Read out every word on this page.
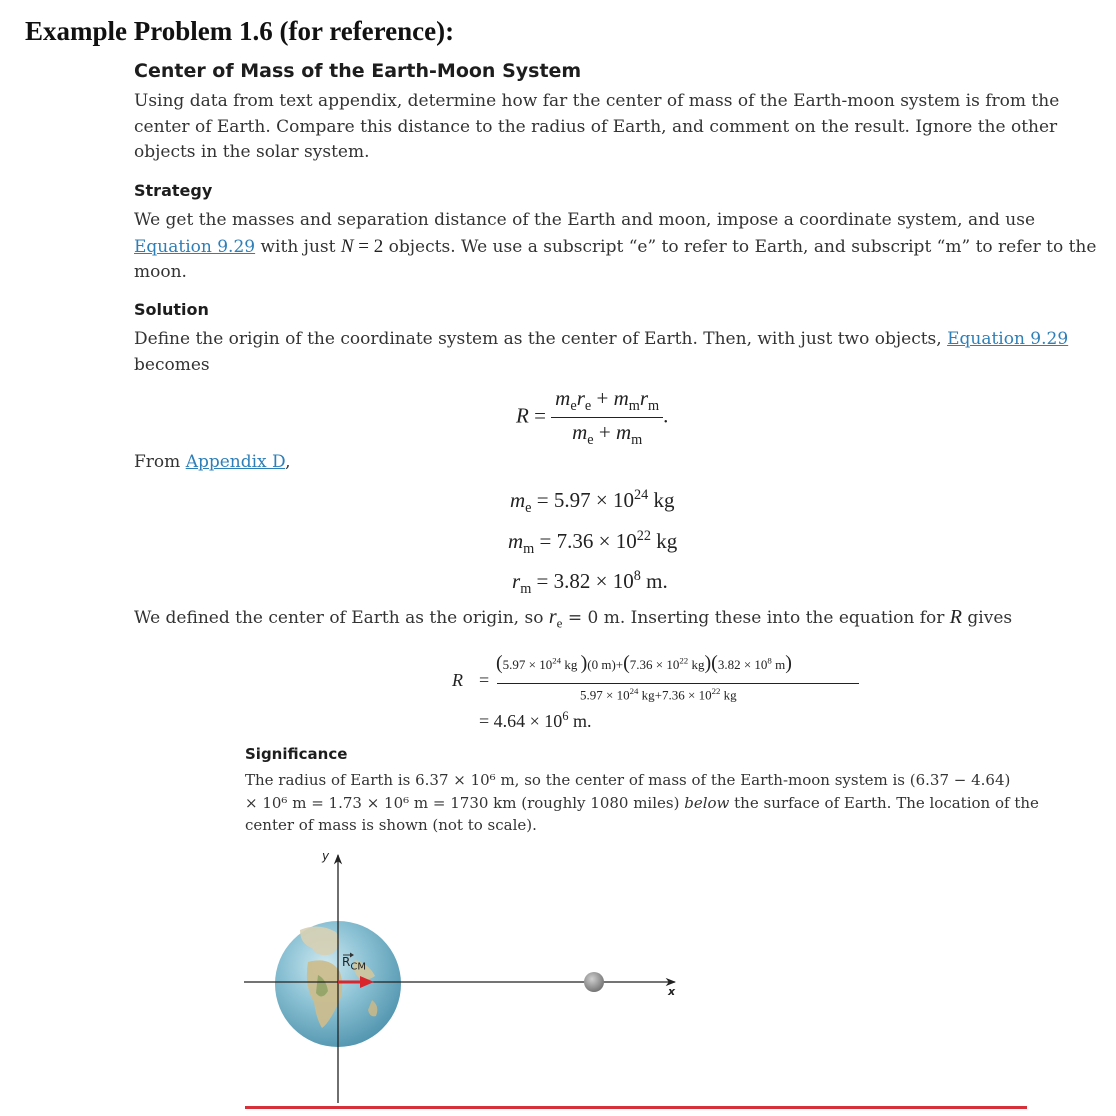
Example Problem 1.6 (for reference):
Center of Mass of the Earth-Moon System
Using data from text appendix, determine how far the center of mass of the Earth-moon system is from the
center of Earth. Compare this distance to the radius of Earth, and comment on the result. Ignore the other
objects in the solar system.
Strategy
We get the masses and separation distance of the Earth and moon, impose a coordinate system, and use
Equation 9.29 with just N = 2 objects. We use a subscript “e” to refer to Earth, and subscript “m” to refer to the
moon.
Solution
Define the origin of the coordinate system as the center of Earth. Then, with just two objects, Equation 9.29
becomes
$R = \frac{m_er_e + m_mr_m}{m_e + m_m}$ .
From Appendix D,
$m_e = 5.97 \times 10^{24}$ kg
$m_m = 7.36 \times 10^{22}$ kg
$r_m = 3.82 \times 10^8$ m.
We defined the center of Earth as the origin, so $r_e = 0$ m. Inserting these into the equation for R gives
R =
($5.97 \times 10^{24}$ kg )(0 $m)+(7.36 \times 10^{22}$ $kg)(3.82 \times 10^8$ m)
$5.97 \times 10^{24}$ $kg+7.36 \times 10^{22}$ kg
= $4.64 \times 10^6$ m.
Significance
The radius of Earth is 6.37 × 10⁶ m, so the center of mass of the Earth-moon system is (6.37 − 4.64)
× 10⁶ m = 1.73 × 10⁶ m = 1730 km (roughly 1080 miles) below the surface of Earth. The location of the
center of mass is shown (not to scale).
y
x
$R_{CM}$
